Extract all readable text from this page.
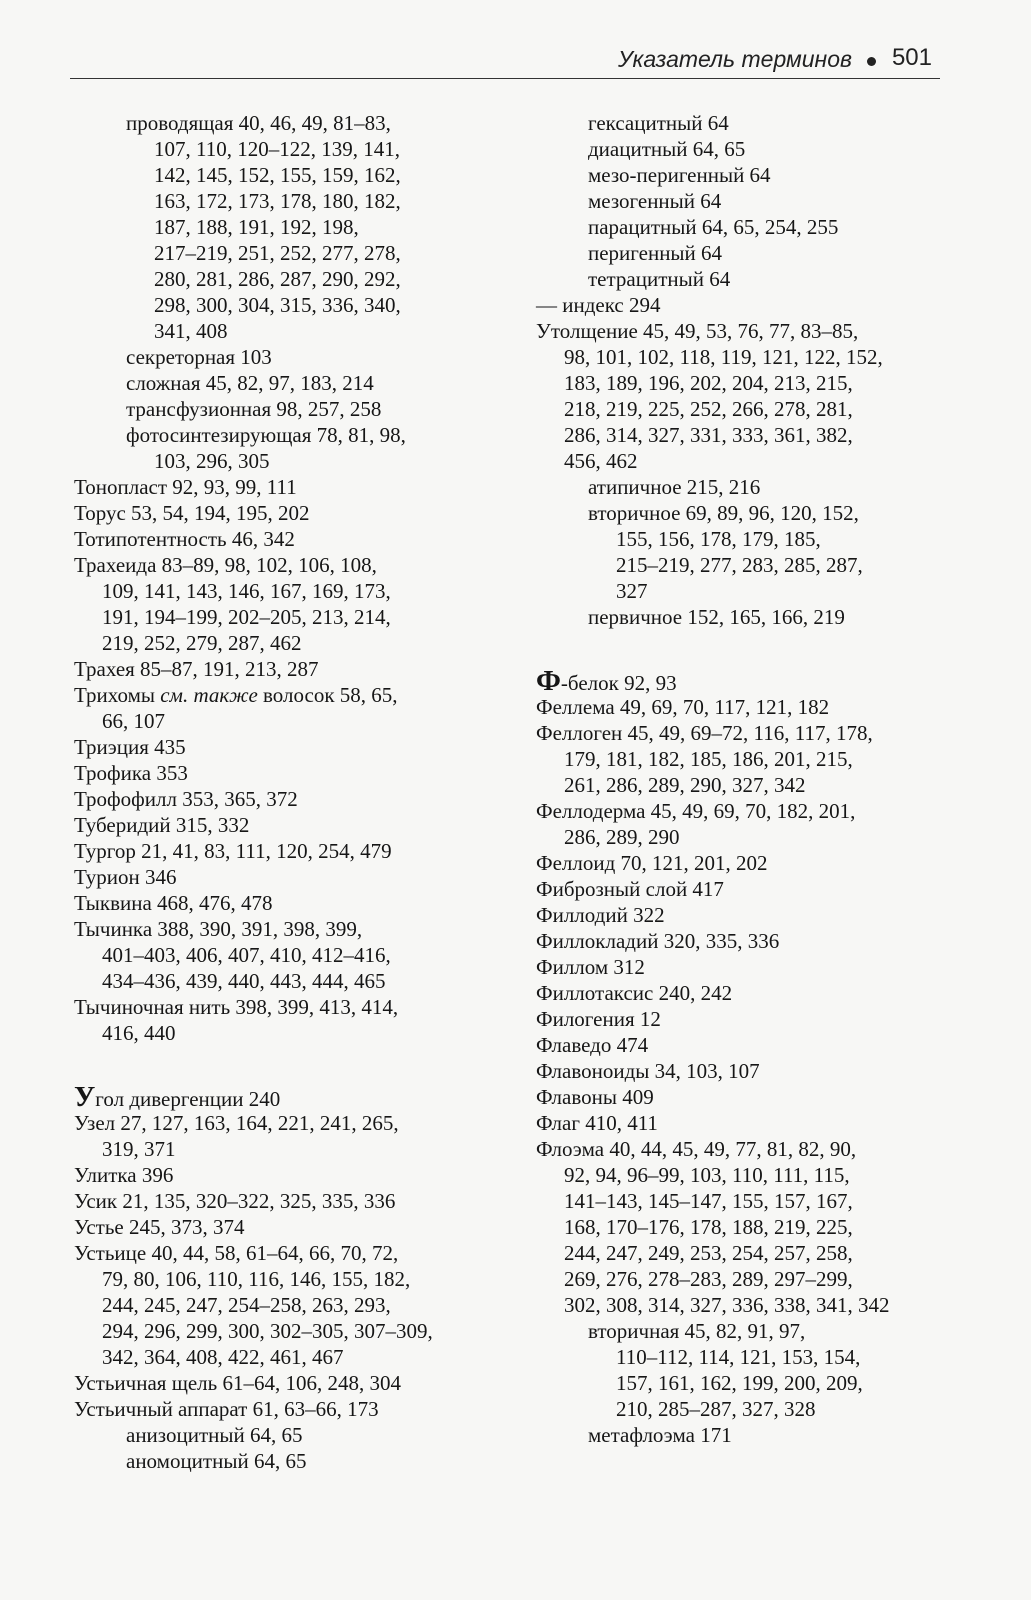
Указатель терминов 501
проводящая 40, 46, 49, 81–83,
107, 110, 120–122, 139, 141,
142, 145, 152, 155, 159, 162,
163, 172, 173, 178, 180, 182,
187, 188, 191, 192, 198,
217–219, 251, 252, 277, 278,
280, 281, 286, 287, 290, 292,
298, 300, 304, 315, 336, 340,
341, 408
секреторная 103
сложная 45, 82, 97, 183, 214
трансфузионная 98, 257, 258
фотосинтезирующая 78, 81, 98,
103, 296, 305
Тонопласт 92, 93, 99, 111
Торус 53, 54, 194, 195, 202
Тотипотентность 46, 342
Трахеида 83–89, 98, 102, 106, 108,
109, 141, 143, 146, 167, 169, 173,
191, 194–199, 202–205, 213, 214,
219, 252, 279, 287, 462
Трахея 85–87, 191, 213, 287
Трихомы см. также волосок 58, 65,
66, 107
Триэция 435
Трофика 353
Трофофилл 353, 365, 372
Туберидий 315, 332
Тургор 21, 41, 83, 111, 120, 254, 479
Турион 346
Тыквина 468, 476, 478
Тычинка 388, 390, 391, 398, 399,
401–403, 406, 407, 410, 412–416,
434–436, 439, 440, 443, 444, 465
Тычиночная нить 398, 399, 413, 414,
416, 440
Угол дивергенции 240
Узел 27, 127, 163, 164, 221, 241, 265,
319, 371
Улитка 396
Усик 21, 135, 320–322, 325, 335, 336
Устье 245, 373, 374
Устьице 40, 44, 58, 61–64, 66, 70, 72,
79, 80, 106, 110, 116, 146, 155, 182,
244, 245, 247, 254–258, 263, 293,
294, 296, 299, 300, 302–305, 307–309,
342, 364, 408, 422, 461, 467
Устьичная щель 61–64, 106, 248, 304
Устьичный аппарат 61, 63–66, 173
анизоцитный 64, 65
аномоцитный 64, 65
гексацитный 64
диацитный 64, 65
мезо-перигенный 64
мезогенный 64
парацитный 64, 65, 254, 255
перигенный 64
тетрацитный 64
— индекс 294
Утолщение 45, 49, 53, 76, 77, 83–85,
98, 101, 102, 118, 119, 121, 122, 152,
183, 189, 196, 202, 204, 213, 215,
218, 219, 225, 252, 266, 278, 281,
286, 314, 327, 331, 333, 361, 382,
456, 462
атипичное 215, 216
вторичное 69, 89, 96, 120, 152,
155, 156, 178, 179, 185,
215–219, 277, 283, 285, 287,
327
первичное 152, 165, 166, 219
Ф-белок 92, 93
Феллема 49, 69, 70, 117, 121, 182
Феллоген 45, 49, 69–72, 116, 117, 178,
179, 181, 182, 185, 186, 201, 215,
261, 286, 289, 290, 327, 342
Феллодерма 45, 49, 69, 70, 182, 201,
286, 289, 290
Феллоид 70, 121, 201, 202
Фиброзный слой 417
Филлодий 322
Филлокладий 320, 335, 336
Филлом 312
Филлотаксис 240, 242
Филогения 12
Флаведо 474
Флавоноиды 34, 103, 107
Флавоны 409
Флаг 410, 411
Флоэма 40, 44, 45, 49, 77, 81, 82, 90,
92, 94, 96–99, 103, 110, 111, 115,
141–143, 145–147, 155, 157, 167,
168, 170–176, 178, 188, 219, 225,
244, 247, 249, 253, 254, 257, 258,
269, 276, 278–283, 289, 297–299,
302, 308, 314, 327, 336, 338, 341, 342
вторичная 45, 82, 91, 97,
110–112, 114, 121, 153, 154,
157, 161, 162, 199, 200, 209,
210, 285–287, 327, 328
метафлоэма 171
